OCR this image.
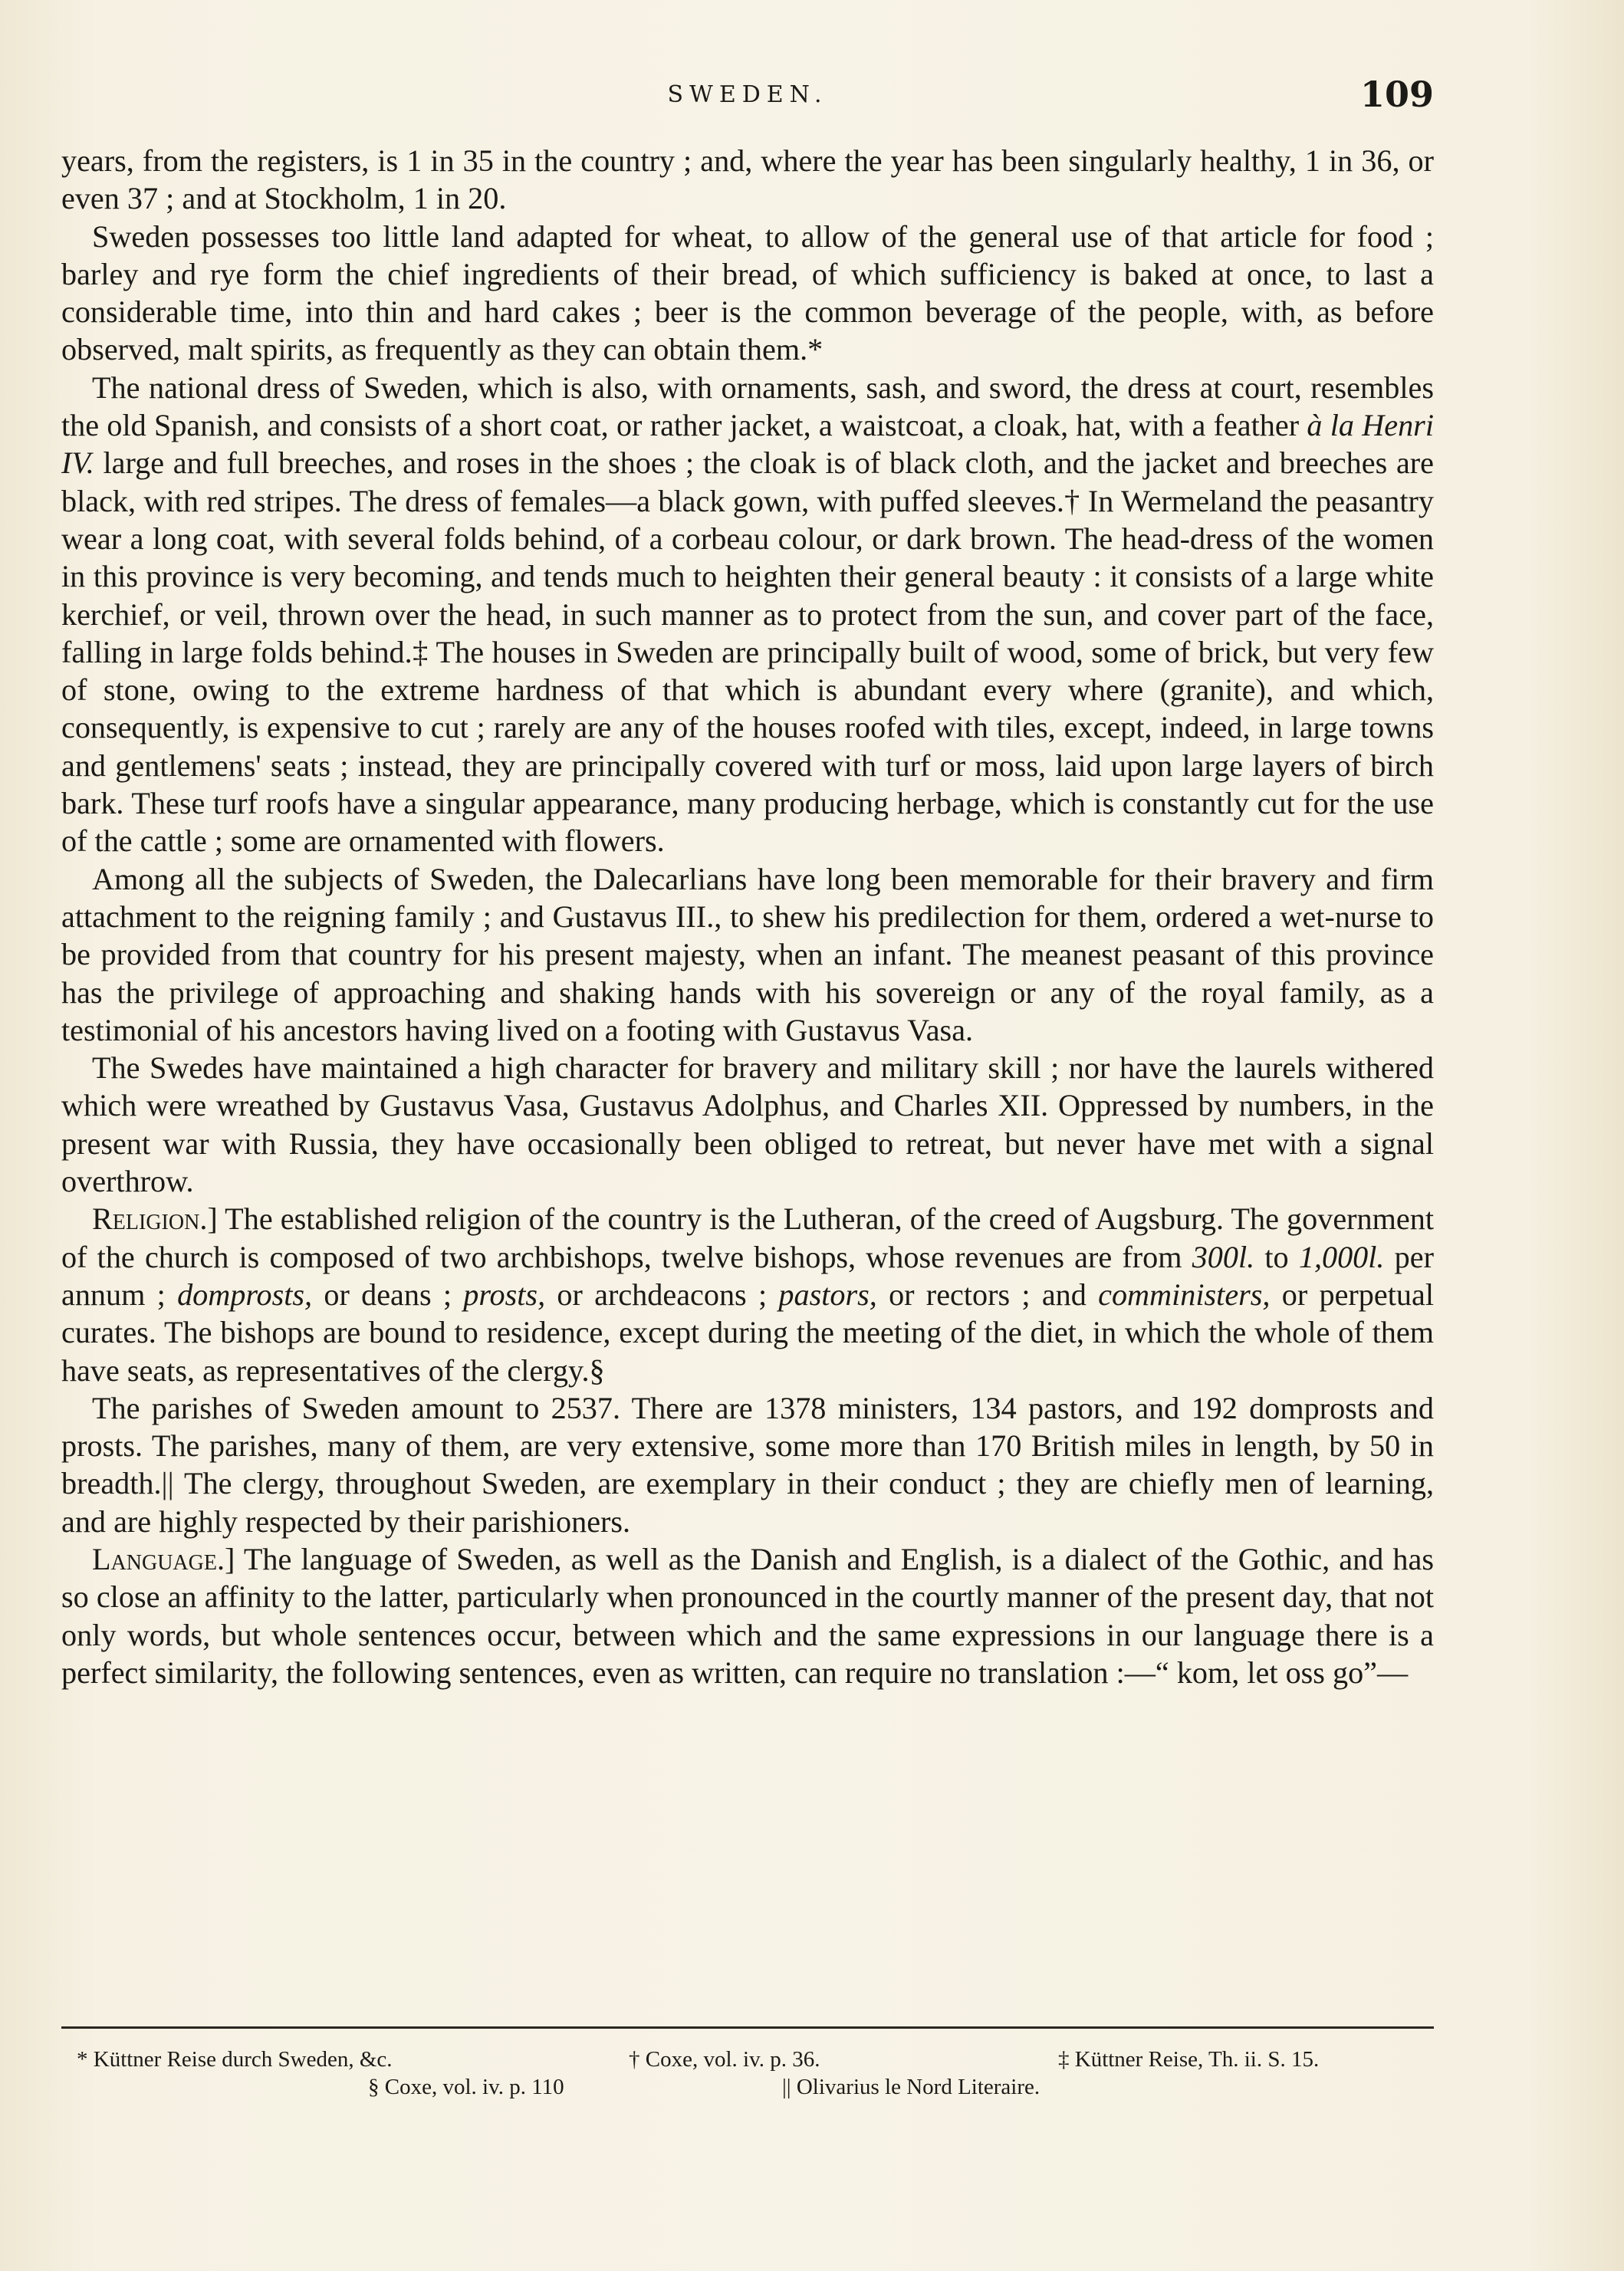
SWEDEN.	109

years, from the registers, is 1 in 35 in the country ; and, where the year has been singularly healthy, 1 in 36, or even 37 ; and at Stockholm, 1 in 20.

Sweden possesses too little land adapted for wheat, to allow of the general use of that article for food ; barley and rye form the chief ingredients of their bread, of which sufficiency is baked at once, to last a considerable time, into thin and hard cakes ; beer is the common beverage of the people, with, as before observed, malt spirits, as frequently as they can obtain them.*

The national dress of Sweden, which is also, with ornaments, sash, and sword, the dress at court, resembles the old Spanish, and consists of a short coat, or rather jacket, a waistcoat, a cloak, hat, with a feather à la Henri IV. large and full breeches, and roses in the shoes ; the cloak is of black cloth, and the jacket and breeches are black, with red stripes. The dress of females—a black gown, with puffed sleeves.† In Wermeland the peasantry wear a long coat, with several folds behind, of a corbeau colour, or dark brown. The head-dress of the women in this province is very becoming, and tends much to heighten their general beauty : it consists of a large white kerchief, or veil, thrown over the head, in such manner as to protect from the sun, and cover part of the face, falling in large folds behind.‡ The houses in Sweden are principally built of wood, some of brick, but very few of stone, owing to the extreme hardness of that which is abundant every where (granite), and which, consequently, is expensive to cut ; rarely are any of the houses roofed with tiles, except, indeed, in large towns and gentlemens' seats ; instead, they are principally covered with turf or moss, laid upon large layers of birch bark. These turf roofs have a singular appearance, many producing herbage, which is constantly cut for the use of the cattle ; some are ornamented with flowers.

Among all the subjects of Sweden, the Dalecarlians have long been memorable for their bravery and firm attachment to the reigning family ; and Gustavus III., to shew his predilection for them, ordered a wet-nurse to be provided from that country for his present majesty, when an infant. The meanest peasant of this province has the privilege of approaching and shaking hands with his sovereign or any of the royal family, as a testimonial of his ancestors having lived on a footing with Gustavus Vasa.

The Swedes have maintained a high character for bravery and military skill ; nor have the laurels withered which were wreathed by Gustavus Vasa, Gustavus Adolphus, and Charles XII. Oppressed by numbers, in the present war with Russia, they have occasionally been obliged to retreat, but never have met with a signal overthrow.

Religion.] The established religion of the country is the Lutheran, of the creed of Augsburg. The government of the church is composed of two archbishops, twelve bishops, whose revenues are from 300l. to 1,000l. per annum ; domprosts, or deans ; prosts, or archdeacons ; pastors, or rectors ; and comministers, or perpetual curates. The bishops are bound to residence, except during the meeting of the diet, in which the whole of them have seats, as representatives of the clergy.§

The parishes of Sweden amount to 2537. There are 1378 ministers, 134 pastors, and 192 domprosts and prosts. The parishes, many of them, are very extensive, some more than 170 British miles in length, by 50 in breadth.|| The clergy, throughout Sweden, are exemplary in their conduct ; they are chiefly men of learning, and are highly respected by their parishioners.

Language.] The language of Sweden, as well as the Danish and English, is a dialect of the Gothic, and has so close an affinity to the latter, particularly when pronounced in the courtly manner of the present day, that not only words, but whole sentences occur, between which and the same expressions in our language there is a perfect similarity, the following sentences, even as written, can require no translation :—“ kom, let oss go”—

* Küttner Reise durch Sweden, &c.	† Coxe, vol. iv. p. 36.	‡ Küttner Reise, Th. ii. S. 15.
§ Coxe, vol. iv. p. 110	|| Olivarius le Nord Literaire.
